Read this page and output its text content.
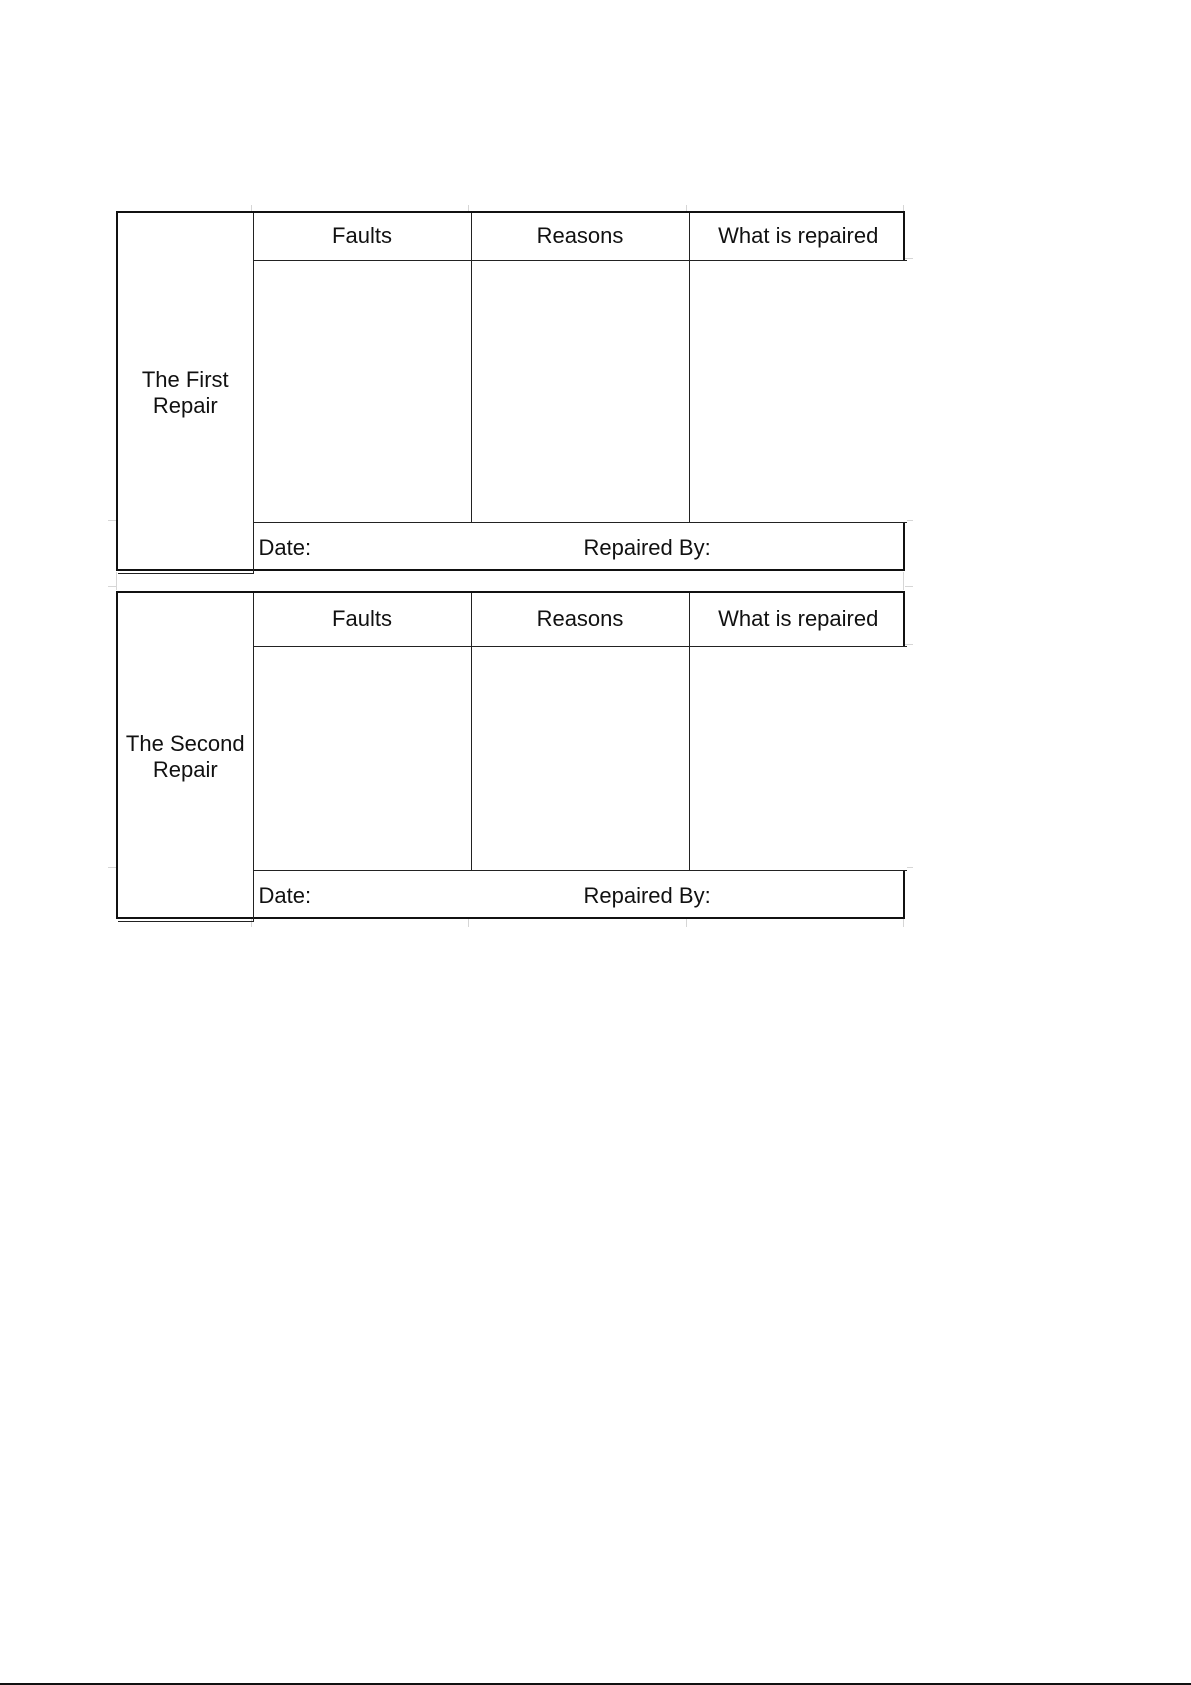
The First
Repair	Faults	Reasons	What is repaired

	Date: Repaired By:		
The Second
Repair	Faults	Reasons	What is repaired

	Date: Repaired By:		
